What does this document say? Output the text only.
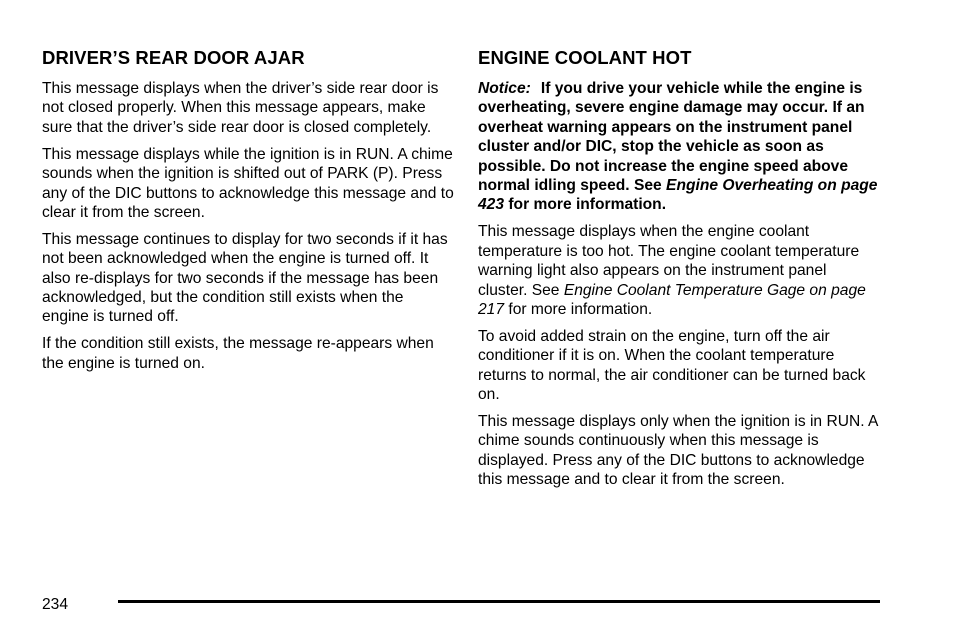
DRIVER’S REAR DOOR AJAR

This message displays when the driver’s side rear door is not closed properly. When this message appears, make sure that the driver’s side rear door is closed completely.

This message displays while the ignition is in RUN. A chime sounds when the ignition is shifted out of PARK (P). Press any of the DIC buttons to acknowledge this message and to clear it from the screen.

This message continues to display for two seconds if it has not been acknowledged when the engine is turned off. It also re-displays for two seconds if the message has been acknowledged, but the condition still exists when the engine is turned off.

If the condition still exists, the message re-appears when the engine is turned on.

ENGINE COOLANT HOT

Notice: If you drive your vehicle while the engine is overheating, severe engine damage may occur. If an overheat warning appears on the instrument panel cluster and/or DIC, stop the vehicle as soon as possible. Do not increase the engine speed above normal idling speed. See Engine Overheating on page 423 for more information.

This message displays when the engine coolant temperature is too hot. The engine coolant temperature warning light also appears on the instrument panel cluster. See Engine Coolant Temperature Gage on page 217 for more information.

To avoid added strain on the engine, turn off the air conditioner if it is on. When the coolant temperature returns to normal, the air conditioner can be turned back on.

This message displays only when the ignition is in RUN. A chime sounds continuously when this message is displayed. Press any of the DIC buttons to acknowledge this message and to clear it from the screen.

234
